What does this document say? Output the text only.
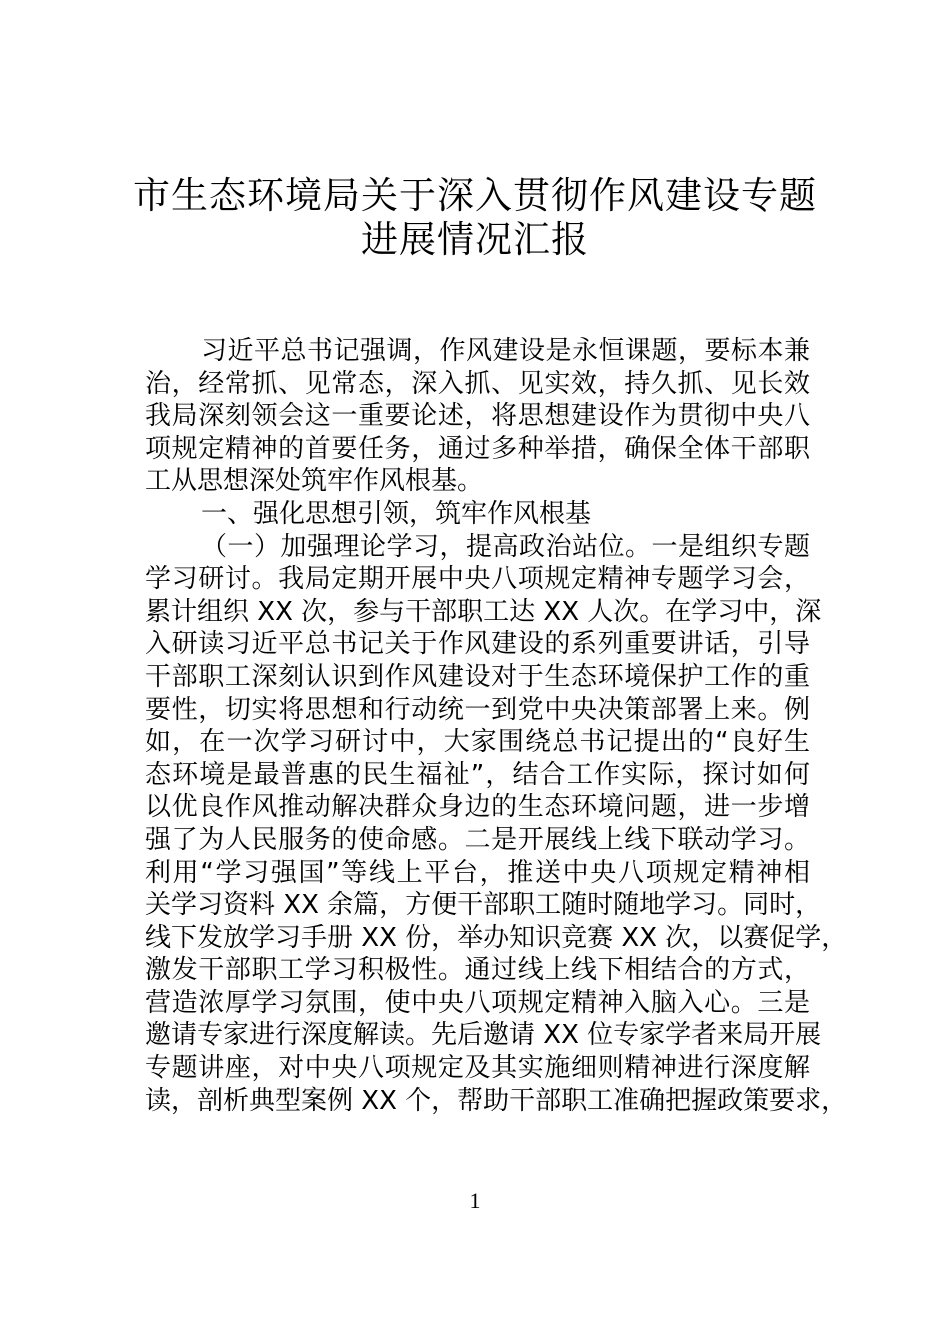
市生态环境局关于深入贯彻作风建设专题
进展情况汇报
习近平总书记强调，作风建设是永恒课题，要标本兼
治，经常抓、见常态，深入抓、见实效，持久抓、见长效
我局深刻领会这一重要论述，将思想建设作为贯彻中央八
项规定精神的首要任务，通过多种举措，确保全体干部职
工从思想深处筑牢作风根基。
一、强化思想引领，筑牢作风根基
（一）加强理论学习，提高政治站位。一是组织专题
学习研讨。我局定期开展中央八项规定精神专题学习会，
累计组织 XX 次，参与干部职工达 XX 人次。在学习中，深
入研读习近平总书记关于作风建设的系列重要讲话，引导
干部职工深刻认识到作风建设对于生态环境保护工作的重
要性，切实将思想和行动统一到党中央决策部署上来。例
如，在一次学习研讨中，大家围绕总书记提出的“良好生
态环境是最普惠的民生福祉”，结合工作实际，探讨如何
以优良作风推动解决群众身边的生态环境问题，进一步增
强了为人民服务的使命感。二是开展线上线下联动学习。
利用“学习强国”等线上平台，推送中央八项规定精神相
关学习资料 XX 余篇，方便干部职工随时随地学习。同时，
线下发放学习手册 XX 份，举办知识竞赛 XX 次，以赛促学，
激发干部职工学习积极性。通过线上线下相结合的方式，
营造浓厚学习氛围，使中央八项规定精神入脑入心。三是
邀请专家进行深度解读。先后邀请 XX 位专家学者来局开展
专题讲座，对中央八项规定及其实施细则精神进行深度解
读，剖析典型案例 XX 个，帮助干部职工准确把握政策要求，
1
